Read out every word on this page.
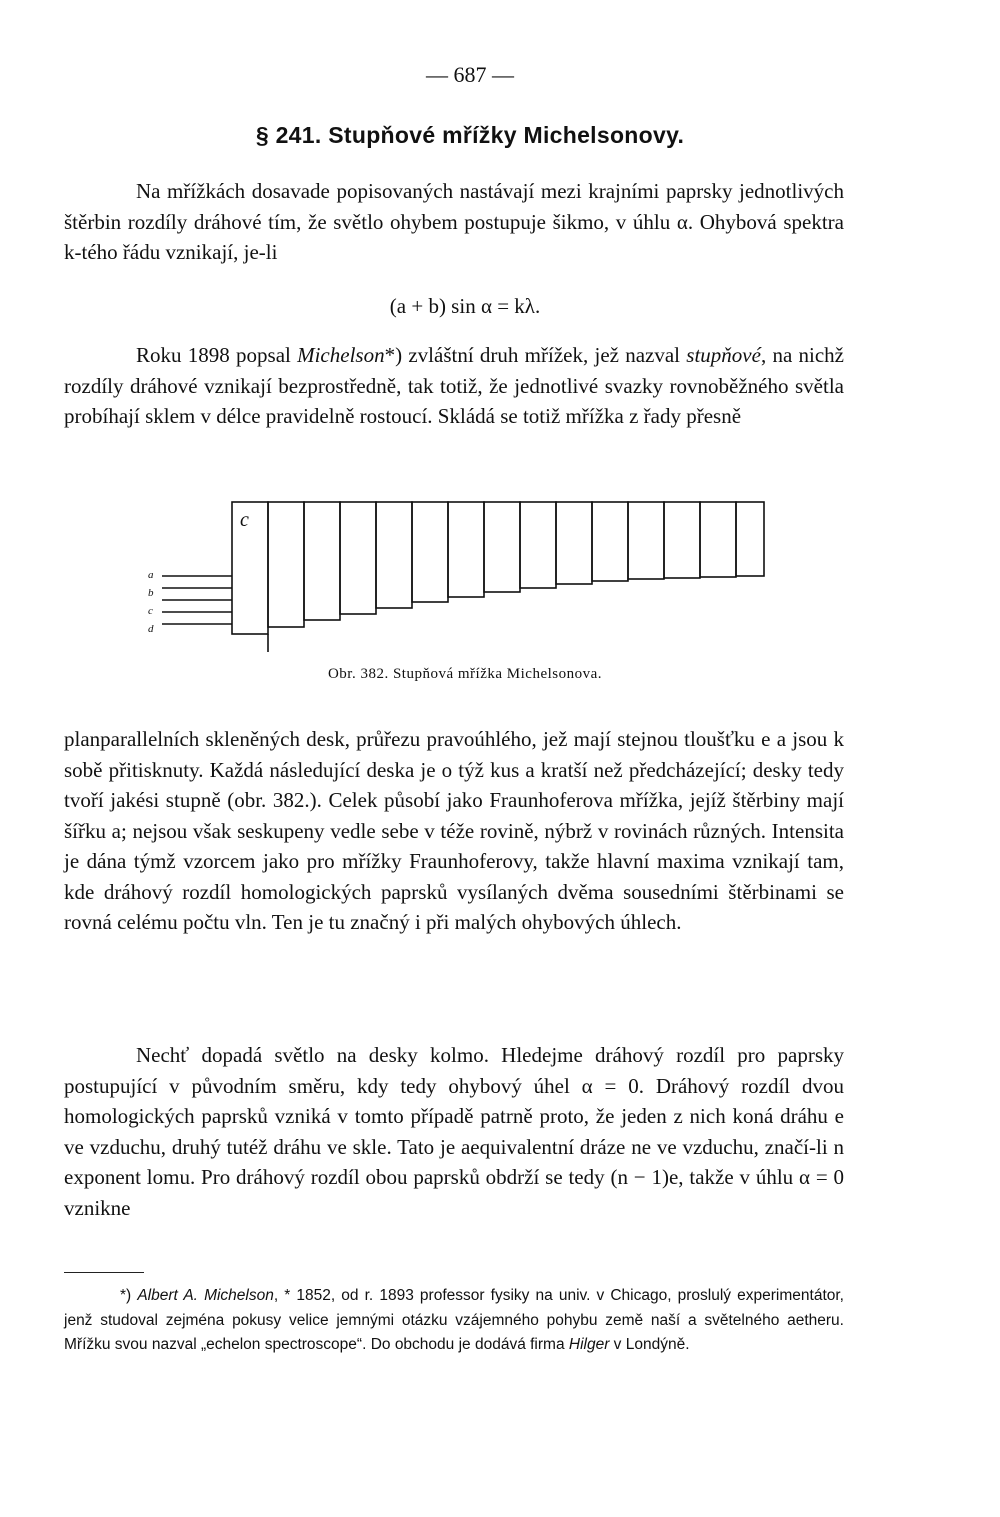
— 687 —
§ 241. Stupňové mřížky Michelsonovy.

Na mřížkách dosavade popisovaných nastávají mezi krajními paprsky jednotlivých štěrbin rozdíly dráhové tím, že světlo ohybem postupuje šikmo, v úhlu α. Ohybová spektra k-tého řádu vznikají, je-li

(a + b) sin α = kλ.

Roku 1898 popsal Michelson*) zvláštní druh mřížek, jež nazval stupňové, na nichž rozdíly dráhové vznikají bezprostředně, tak totiž, že jednotlivé svazky rovnoběžného světla probíhají sklem v délce pravidelně rostoucí. Skládá se totiž mřížka z řady přesně

c
a
b
c
d
Obr. 382. Stupňová mřížka Michelsonova.

planparallelních skleněných desk, průřezu pravoúhlého, jež mají stejnou tloušťku e a jsou k sobě přitisknuty. Každá následující deska je o týž kus a kratší než předcházející; desky tedy tvoří jakési stupně (obr. 382.). Celek působí jako Fraunhoferova mřížka, jejíž štěrbiny mají šířku a; nejsou však seskupeny vedle sebe v téže rovině, nýbrž v rovinách různých. Intensita je dána týmž vzorcem jako pro mřížky Fraunhoferovy, takže hlavní maxima vznikají tam, kde dráhový rozdíl homologických paprsků vysílaných dvěma sousedními štěrbinami se rovná celému počtu vln. Ten je tu značný i při malých ohybových úhlech.

Nechť dopadá světlo na desky kolmo. Hledejme dráhový rozdíl pro paprsky postupující v původním směru, kdy tedy ohybový úhel α = 0. Dráhový rozdíl dvou homologických paprsků vzniká v tomto případě patrně proto, že jeden z nich koná dráhu e ve vzduchu, druhý tutéž dráhu ve skle. Tato je aequivalentní dráze ne ve vzduchu, značí-li n exponent lomu. Pro dráhový rozdíl obou paprsků obdrží se tedy (n − 1)e, takže v úhlu α = 0 vznikne

*) Albert A. Michelson, * 1852, od r. 1893 professor fysiky na univ. v Chicago, proslulý experimentátor, jenž studoval zejména pokusy velice jemnými otázku vzájemného pohybu země naší a světelného aetheru. Mřížku svou nazval „echelon spectroscope“. Do obchodu je dodává firma Hilger v Londýně.
